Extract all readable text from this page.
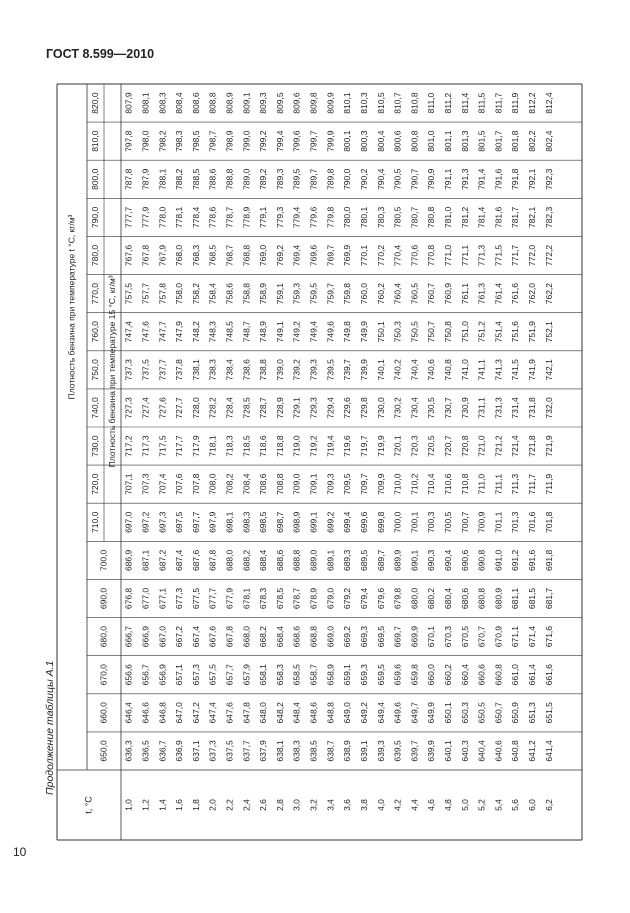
ГОСТ 8.599—2010
Продолжение таблицы А.1
10
Плотность бензина при температуре t °C, кг/м³	Плотность бензина при температуре 15 °C, кг/м³
t, °C
650,0
660,0
670,0
680,0
690,0
700,0
710,0
720,0
730,0
740,0
750,0
760,0
770,0
780,0
790,0
800,0
810,0
820,0
1,0
636,3
646,4
656,6
666,7
676,8
686,9
697,0
707,1
717,2
727,3
737,3
747,4
757,5
767,6
777,7
787,8
797,8
807,9
1,2
636,5
646,6
656,7
666,9
677,0
687,1
697,2
707,3
717,3
727,4
737,5
747,6
757,7
767,8
777,9
787,9
798,0
808,1
1,4
636,7
646,8
656,9
667,0
677,1
687,2
697,3
707,4
717,5
727,6
737,7
747,7
757,8
767,9
778,0
788,1
798,2
808,3
1,6
636,9
647,0
657,1
667,2
677,3
687,4
697,5
707,6
717,7
727,7
737,8
747,9
758,0
768,0
778,1
788,2
798,3
808,4
1,8
637,1
647,2
657,3
667,4
677,5
687,6
697,7
707,8
717,9
728,0
738,1
748,2
758,2
768,3
778,4
788,5
798,5
808,6
2,0
637,3
647,4
657,5
667,6
677,7
687,8
697,9
708,0
718,1
728,2
738,3
748,3
758,4
768,5
778,6
788,6
798,7
808,8
2,2
637,5
647,6
657,7
667,8
677,9
688,0
698,1
708,2
718,3
728,4
738,4
748,5
758,6
768,7
778,7
788,8
798,9
808,9
2,4
637,7
647,8
657,9
668,0
678,1
688,2
698,3
708,4
718,5
728,5
738,6
748,7
758,8
768,8
778,9
789,0
799,0
809,1
2,6
637,9
648,0
658,1
668,2
678,3
688,4
698,5
708,6
718,6
728,7
738,8
748,9
758,9
769,0
779,1
789,2
799,2
809,3
2,8
638,1
648,2
658,3
668,4
678,5
688,6
698,7
708,8
718,8
728,9
739,0
749,1
759,1
769,2
779,3
789,3
799,4
809,5
3,0
638,3
648,4
658,5
668,6
678,7
688,8
698,9
709,0
719,0
729,1
739,2
749,2
759,3
769,4
779,4
789,5
799,6
809,6
3,2
638,5
648,6
658,7
668,8
678,9
689,0
699,1
709,1
719,2
729,3
739,3
749,4
759,5
769,6
779,6
789,7
799,7
809,8
3,4
638,7
648,8
658,9
669,0
679,0
689,1
699,2
709,3
719,4
729,4
739,5
749,6
759,7
769,7
779,8
789,8
799,9
809,9
3,6
638,9
649,0
659,1
669,2
679,2
689,3
699,4
709,5
719,6
729,6
739,7
749,8
759,8
769,9
780,0
790,0
800,1
810,1
3,8
639,1
649,2
659,3
669,3
679,4
689,5
699,6
709,7
719,7
729,8
739,9
749,9
760,0
770,1
780,1
790,2
800,3
810,3
4,0
639,3
649,4
659,5
669,5
679,6
689,7
699,8
709,9
719,9
730,0
740,1
750,1
760,2
770,2
780,3
790,4
800,4
810,5
4,2
639,5
649,6
659,6
669,7
679,8
689,9
700,0
710,0
720,1
730,2
740,2
750,3
760,4
770,4
780,5
790,5
800,6
810,7
4,4
639,7
649,7
659,8
669,9
680,0
690,1
700,1
710,2
720,3
730,4
740,4
750,5
760,5
770,6
780,7
790,7
800,8
810,8
4,6
639,9
649,9
660,0
670,1
680,2
690,3
700,3
710,4
720,5
730,5
740,6
750,7
760,7
770,8
780,8
790,9
801,0
811,0
4,8
640,1
650,1
660,2
670,3
680,4
690,4
700,5
710,6
720,7
730,7
740,8
750,8
760,9
771,0
781,0
791,1
801,1
811,2
5,0
640,3
650,3
660,4
670,5
680,6
690,6
700,7
710,8
720,8
730,9
741,0
751,0
761,1
771,1
781,2
791,3
801,3
811,4
5,2
640,4
650,5
660,6
670,7
680,8
690,8
700,9
711,0
721,0
731,1
741,1
751,2
761,3
771,3
781,4
791,4
801,5
811,5
5,4
640,6
650,7
660,8
670,9
680,9
691,0
701,1
711,1
721,2
731,3
741,3
751,4
761,4
771,5
781,6
791,6
801,7
811,7
5,6
640,8
650,9
661,0
671,1
681,1
691,2
701,3
711,3
721,4
731,4
741,5
751,6
761,6
771,7
781,7
791,8
801,8
811,9
6,0
641,2
651,3
661,4
671,4
681,5
691,6
701,6
711,7
721,8
731,8
741,9
751,9
762,0
772,0
782,1
792,1
802,2
812,2
6,2
641,4
651,5
661,6
671,6
681,7
691,8
701,8
711,9
721,9
732,0
742,1
752,1
762,2
772,2
782,3
792,3
802,4
812,4
